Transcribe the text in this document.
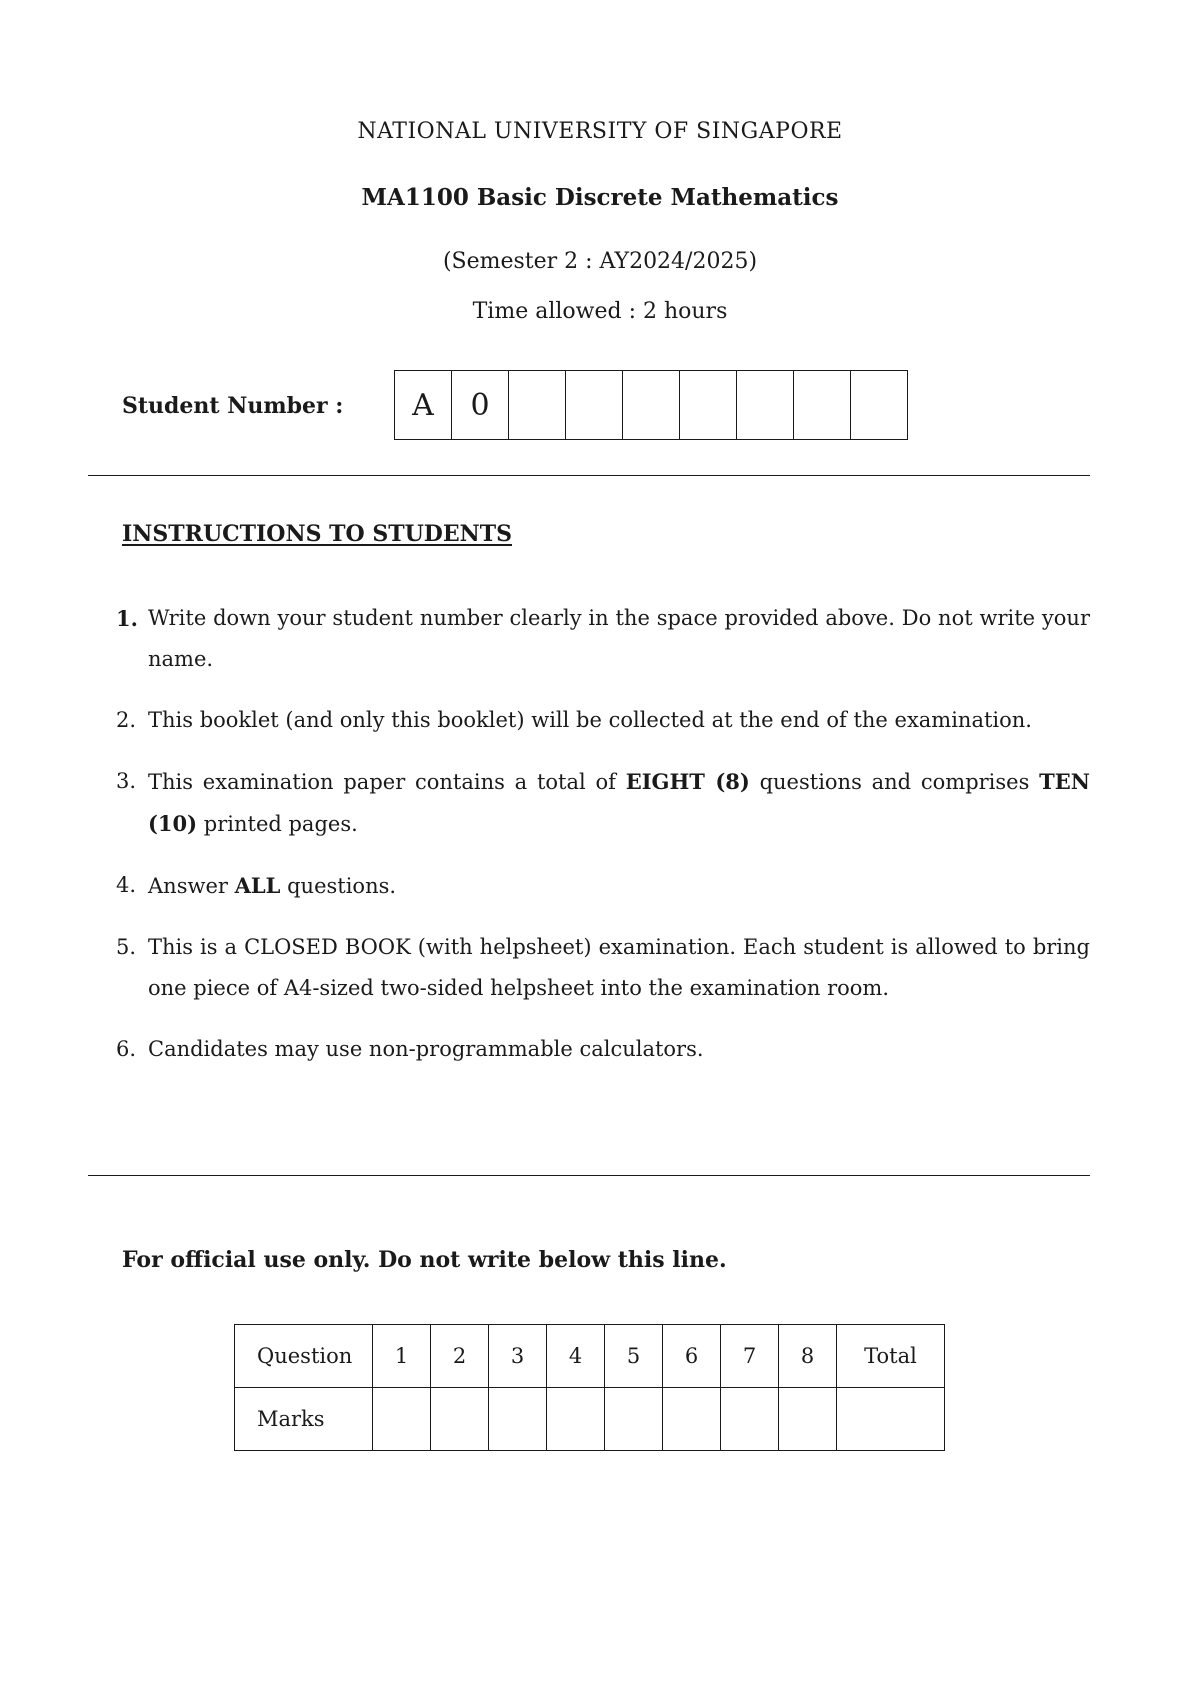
NATIONAL UNIVERSITY OF SINGAPORE
MA1100 Basic Discrete Mathematics
(Semester 2 : AY2024/2025)
Time allowed : 2 hours
Student Number :	A	0
INSTRUCTIONS TO STUDENTS
1. Write down your student number clearly in the space provided above. Do not write your name.
2. This booklet (and only this booklet) will be collected at the end of the examination.
3. This examination paper contains a total of EIGHT (8) questions and comprises TEN (10) printed pages.
4. Answer ALL questions.
5. This is a CLOSED BOOK (with helpsheet) examination. Each student is allowed to bring one piece of A4-sized two-sided helpsheet into the examination room.
6. Candidates may use non-programmable calculators.
For official use only. Do not write below this line.
Question	1	2	3	4	5	6	7	8	Total
Marks									
